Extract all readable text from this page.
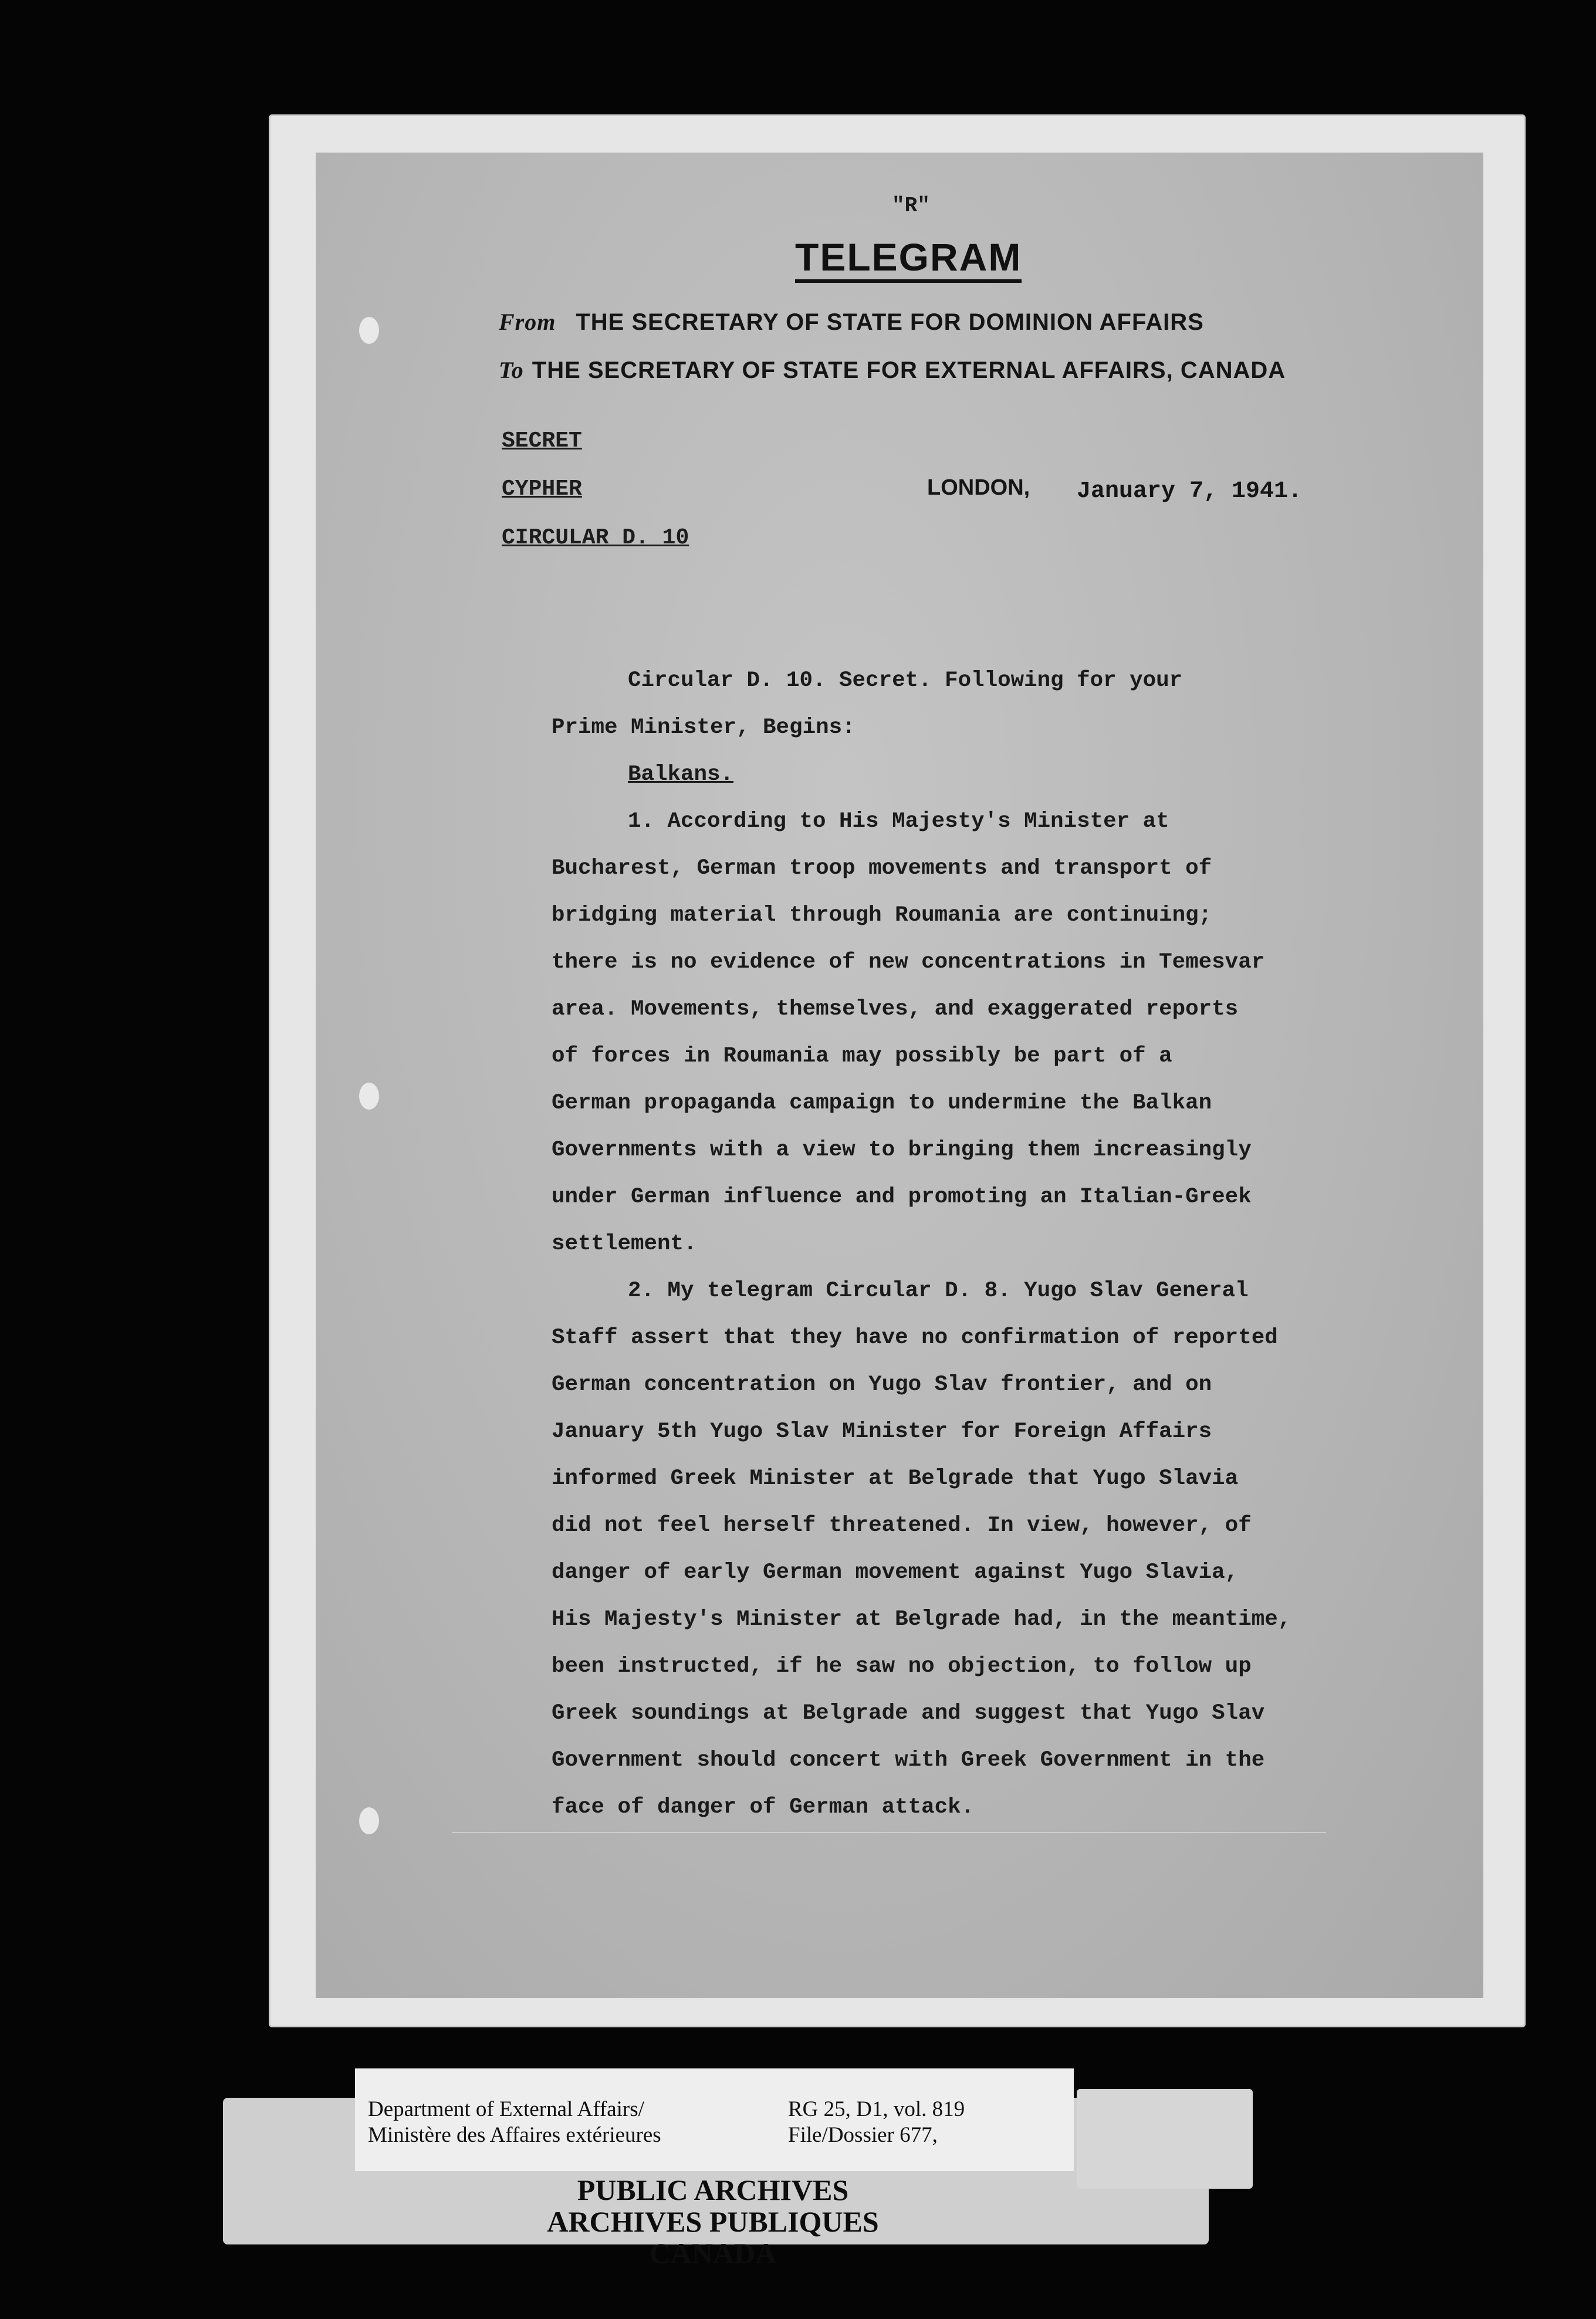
"R"
TELEGRAM
From THE SECRETARY OF STATE FOR DOMINION AFFAIRS
To THE SECRETARY OF STATE FOR EXTERNAL AFFAIRS, CANADA
SECRET
CYPHER
CIRCULAR D. 10
LONDON, January 7, 1941.
Circular D. 10. Secret. Following for your
Prime Minister, Begins:
Balkans.
1. According to His Majesty's Minister at
Bucharest, German troop movements and transport of
bridging material through Roumania are continuing;
there is no evidence of new concentrations in Temesvar
area. Movements, themselves, and exaggerated reports
of forces in Roumania may possibly be part of a
German propaganda campaign to undermine the Balkan
Governments with a view to bringing them increasingly
under German influence and promoting an Italian-Greek
settlement.
2. My telegram Circular D. 8. Yugo Slav General
Staff assert that they have no confirmation of reported
German concentration on Yugo Slav frontier, and on
January 5th Yugo Slav Minister for Foreign Affairs
informed Greek Minister at Belgrade that Yugo Slavia
did not feel herself threatened. In view, however, of
danger of early German movement against Yugo Slavia,
His Majesty's Minister at Belgrade had, in the meantime,
been instructed, if he saw no objection, to follow up
Greek soundings at Belgrade and suggest that Yugo Slav
Government should concert with Greek Government in the
face of danger of German attack.
Department of External Affairs/
Ministère des Affaires extérieures
RG 25, D1, vol. 819
File/Dossier 677,
PUBLIC ARCHIVES
ARCHIVES PUBLIQUES
CANADA
